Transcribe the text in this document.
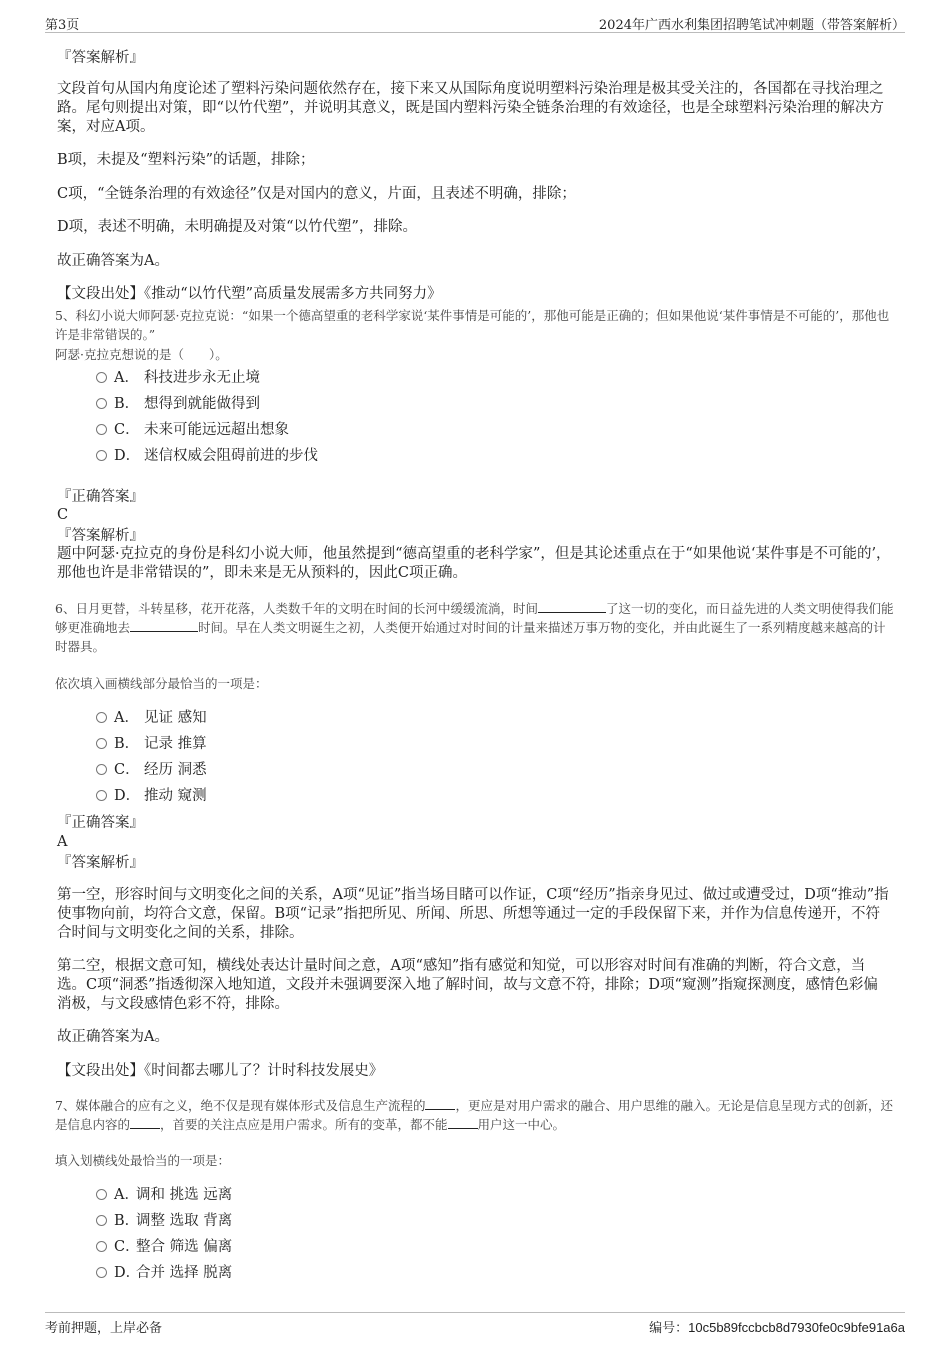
第3页	2024年广西水利集团招聘笔试冲刺题（带答案解析）
『答案解析』
文段首句从国内角度论述了塑料污染问题依然存在，接下来又从国际角度说明塑料污染治理是极其受关注的，各国都在寻找治理之路。尾句则提出对策，即“以竹代塑”，并说明其意义，既是国内塑料污染全链条治理的有效途径，也是全球塑料污染治理的解决方案，对应A项。
B项，未提及“塑料污染”的话题，排除；
C项，“全链条治理的有效途径”仅是对国内的意义，片面，且表述不明确，排除；
D项，表述不明确，未明确提及对策“以竹代塑”，排除。
故正确答案为A。
【文段出处】《推动“以竹代塑”高质量发展需多方共同努力》
5、科幻小说大师阿瑟·克拉克说：“如果一个德高望重的老科学家说‘某件事情是可能的’，那他可能是正确的；但如果他说‘某件事情是不可能的’，那他也许是非常错误的。”
阿瑟·克拉克想说的是（　　）。
A． 科技进步永无止境
B． 想得到就能做得到
C． 未来可能远远超出想象
D． 迷信权威会阻碍前进的步伐
『正确答案』
C
『答案解析』
题中阿瑟·克拉克的身份是科幻小说大师，他虽然提到“德高望重的老科学家”，但是其论述重点在于“如果他说‘某件事是不可能的’，那他也许是非常错误的”，即未来是无从预料的，因此C项正确。
6、日月更替，斗转星移，花开花落，人类数千年的文明在时间的长河中缓缓流淌，时间	了这一切的变化，而日益先进的人类文明使得我们能够更准确地去	时间。早在人类文明诞生之初，人类便开始通过对时间的计量来描述万事万物的变化，并由此诞生了一系列精度越来越高的计时器具。
依次填入画横线部分最恰当的一项是：
A． 见证 感知
B． 记录 推算
C． 经历 洞悉
D． 推动 窥测
『正确答案』
A
『答案解析』
第一空，形容时间与文明变化之间的关系，A项“见证”指当场目睹可以作证，C项“经历”指亲身见过、做过或遭受过，D项“推动”指使事物向前，均符合文意，保留。B项“记录”指把所见、所闻、所思、所想等通过一定的手段保留下来，并作为信息传递开，不符合时间与文明变化之间的关系，排除。
第二空，根据文意可知，横线处表达计量时间之意，A项“感知”指有感觉和知觉，可以形容对时间有准确的判断，符合文意，当选。C项“洞悉”指透彻深入地知道，文段并未强调要深入地了解时间，故与文意不符，排除；D项“窥测”指窥探测度，感情色彩偏消极，与文段感情色彩不符，排除。
故正确答案为A。
【文段出处】《时间都去哪儿了？计时科技发展史》
7、媒体融合的应有之义，绝不仅是现有媒体形式及信息生产流程的 ，更应是对用户需求的融合、用户思维的融入。无论是信息呈现方式的创新，还是信息内容的 ，首要的关注点应是用户需求。所有的变革，都不能 用户这一中心。
填入划横线处最恰当的一项是：
A．调和 挑选 远离
B．调整 选取 背离
C．整合 筛选 偏离
D．合并 选择 脱离
考前押题，上岸必备	编号：10c5b89fccbcb8d7930fe0c9bfe91a6a
